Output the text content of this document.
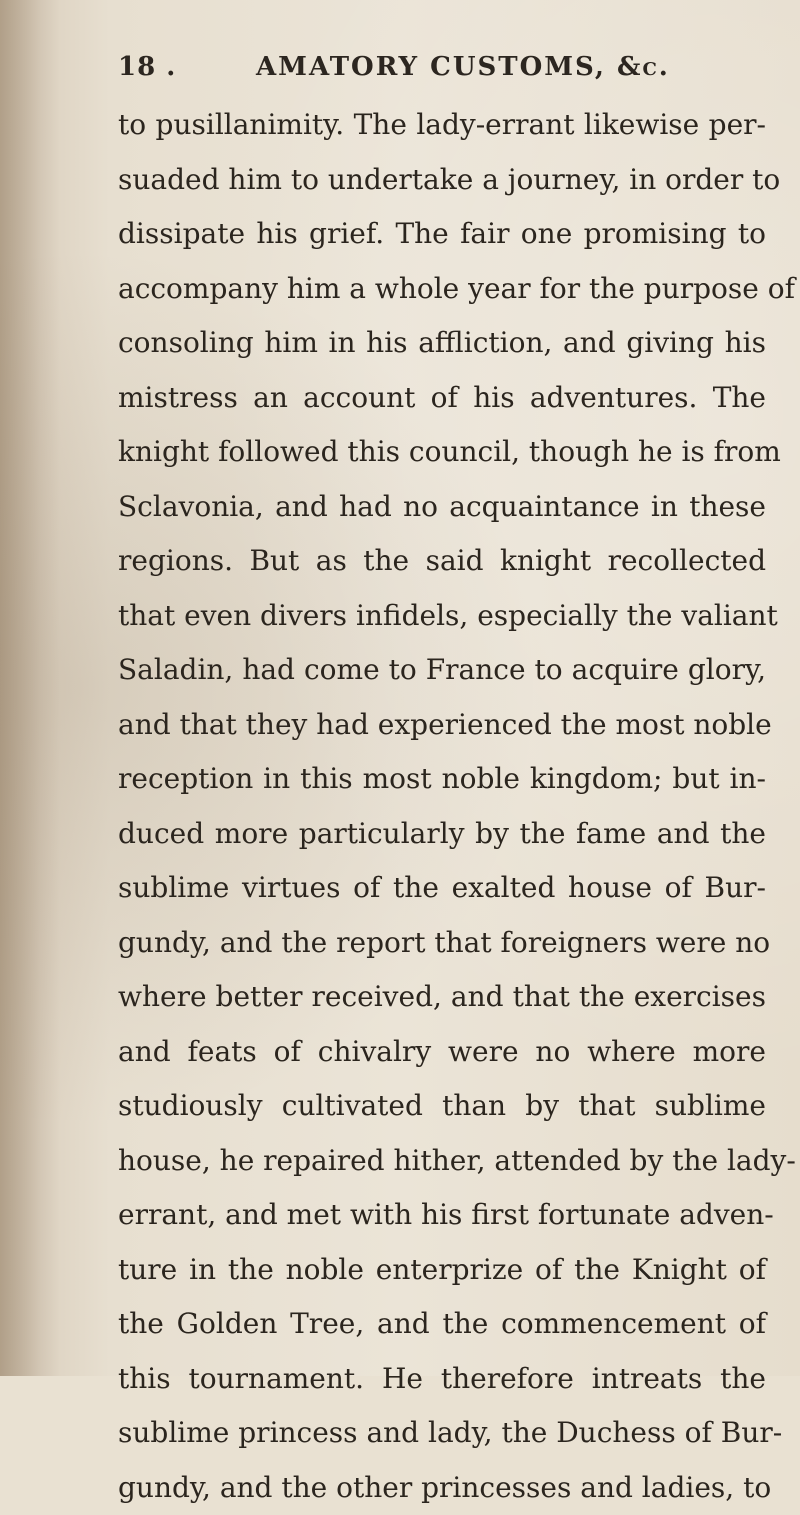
18 .	AMATORY CUSTOMS, &c.
to pusillanimity. The lady-errant likewise per-
suaded him to undertake a journey, in order to
dissipate his grief. The fair one promising to
accompany him a whole year for the purpose of
consoling him in his affliction, and giving his
mistress an account of his adventures. The
knight followed this council, though he is from
Sclavonia, and had no acquaintance in these
regions. But as the said knight recollected
that even divers infidels, especially the valiant
Saladin, had come to France to acquire glory,
and that they had experienced the most noble
reception in this most noble kingdom; but in-
duced more particularly by the fame and the
sublime virtues of the exalted house of Bur-
gundy, and the report that foreigners were no
where better received, and that the exercises
and feats of chivalry were no where more
studiously cultivated than by that sublime
house, he repaired hither, attended by the lady-
errant, and met with his first fortunate adven-
ture in the noble enterprize of the Knight of
the Golden Tree, and the commencement of
this tournament. He therefore intreats the
sublime princess and lady, the Duchess of Bur-
gundy, and the other princesses and ladies, to
